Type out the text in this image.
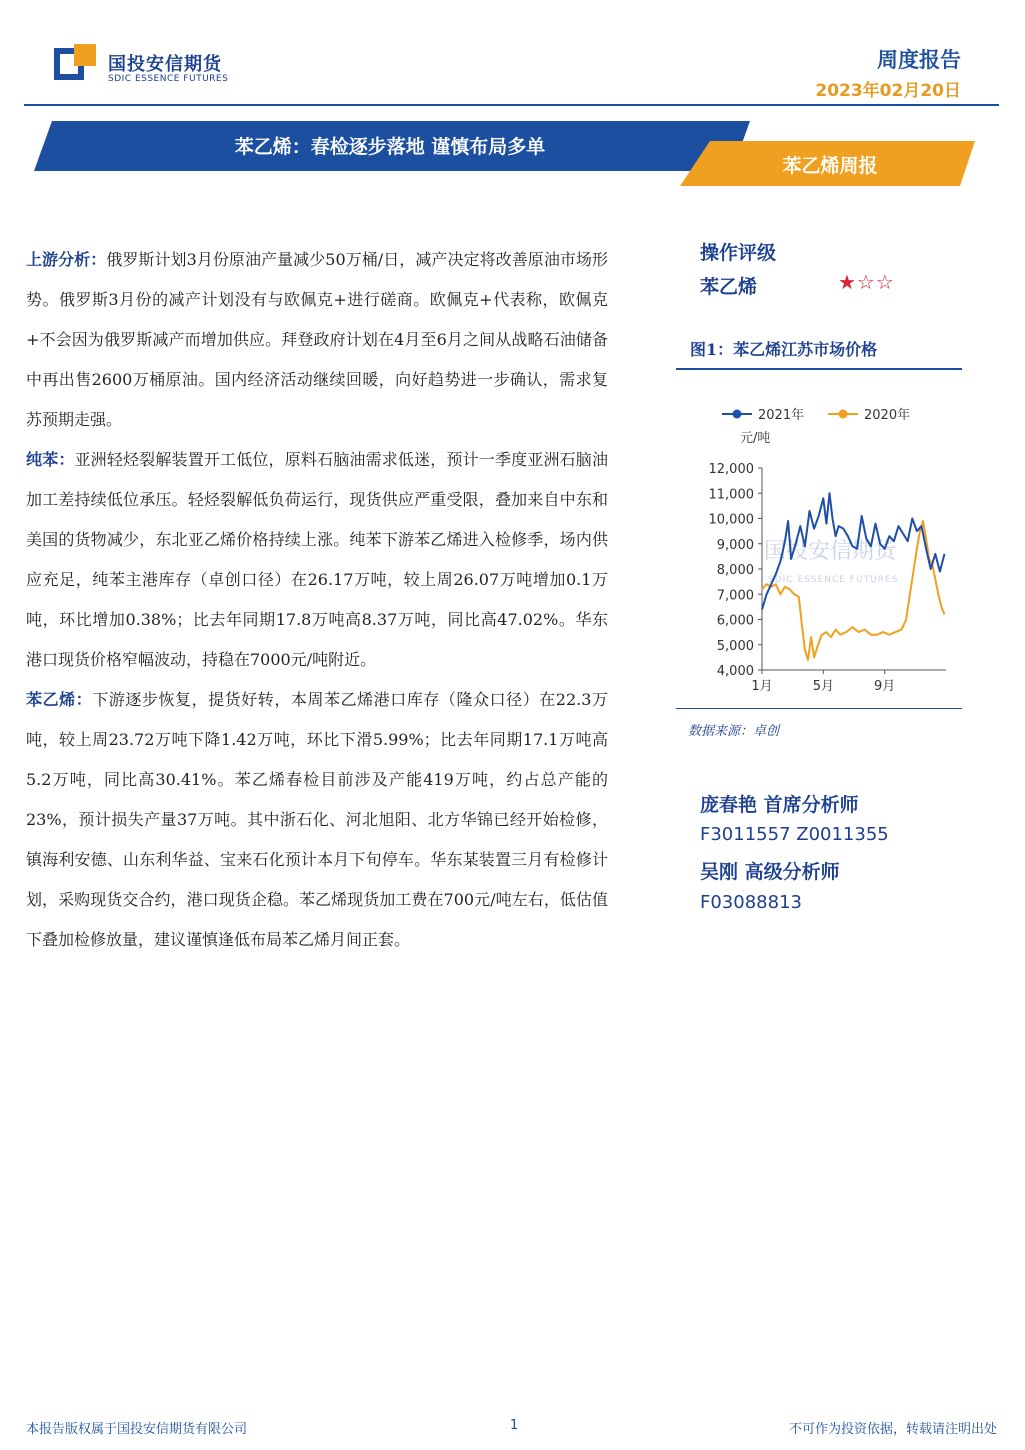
国投安信期货
SDIC ESSENCE FUTURES
周度报告
2023年02月20日
苯乙烯：春检逐步落地 谨慎布局多单
苯乙烯周报

上游分析：俄罗斯计划3月份原油产量减少50万桶/日，减产决定将改善原油市场形势。俄罗斯3月份的减产计划没有与欧佩克+进行磋商。欧佩克+代表称，欧佩克+不会因为俄罗斯减产而增加供应。拜登政府计划在4月至6月之间从战略石油储备中再出售2600万桶原油。国内经济活动继续回暖，向好趋势进一步确认，需求复苏预期走强。

纯苯：亚洲轻烃裂解装置开工低位，原料石脑油需求低迷，预计一季度亚洲石脑油加工差持续低位承压。轻烃裂解低负荷运行，现货供应严重受限，叠加来自中东和美国的货物减少，东北亚乙烯价格持续上涨。纯苯下游苯乙烯进入检修季，场内供应充足，纯苯主港库存（卓创口径）在26.17万吨，较上周26.07万吨增加0.1万吨，环比增加0.38%；比去年同期17.8万吨高8.37万吨，同比高47.02%。华东港口现货价格窄幅波动，持稳在7000元/吨附近。

苯乙烯：下游逐步恢复，提货好转，本周苯乙烯港口库存（隆众口径）在22.3万吨，较上周23.72万吨下降1.42万吨，环比下滑5.99%；比去年同期17.1万吨高5.2万吨，同比高30.41%。苯乙烯春检目前涉及产能419万吨，约占总产能的23%，预计损失产量37万吨。其中浙石化、河北旭阳、北方华锦已经开始检修，镇海利安德、山东利华益、宝来石化预计本月下旬停车。华东某装置三月有检修计划，采购现货交合约，港口现货企稳。苯乙烯现货加工费在700元/吨左右，低估值下叠加检修放量，建议谨慎逢低布局苯乙烯月间正套。

操作评级
苯乙烯	★☆☆
图1：苯乙烯江苏市场价格
国投安信期货
SDIC ESSENCE FUTURES
12,000
11,000
10,000
9,000
8,000
7,000
6,000
5,000
4,000
元/吨
1月	5月	9月
2021年	2020年
数据来源：卓创
庞春艳 首席分析师
F3011557 Z0011355
吴刚 高级分析师
F03088813
本报告版权属于国投安信期货有限公司	1	不可作为投资依据，转载请注明出处
